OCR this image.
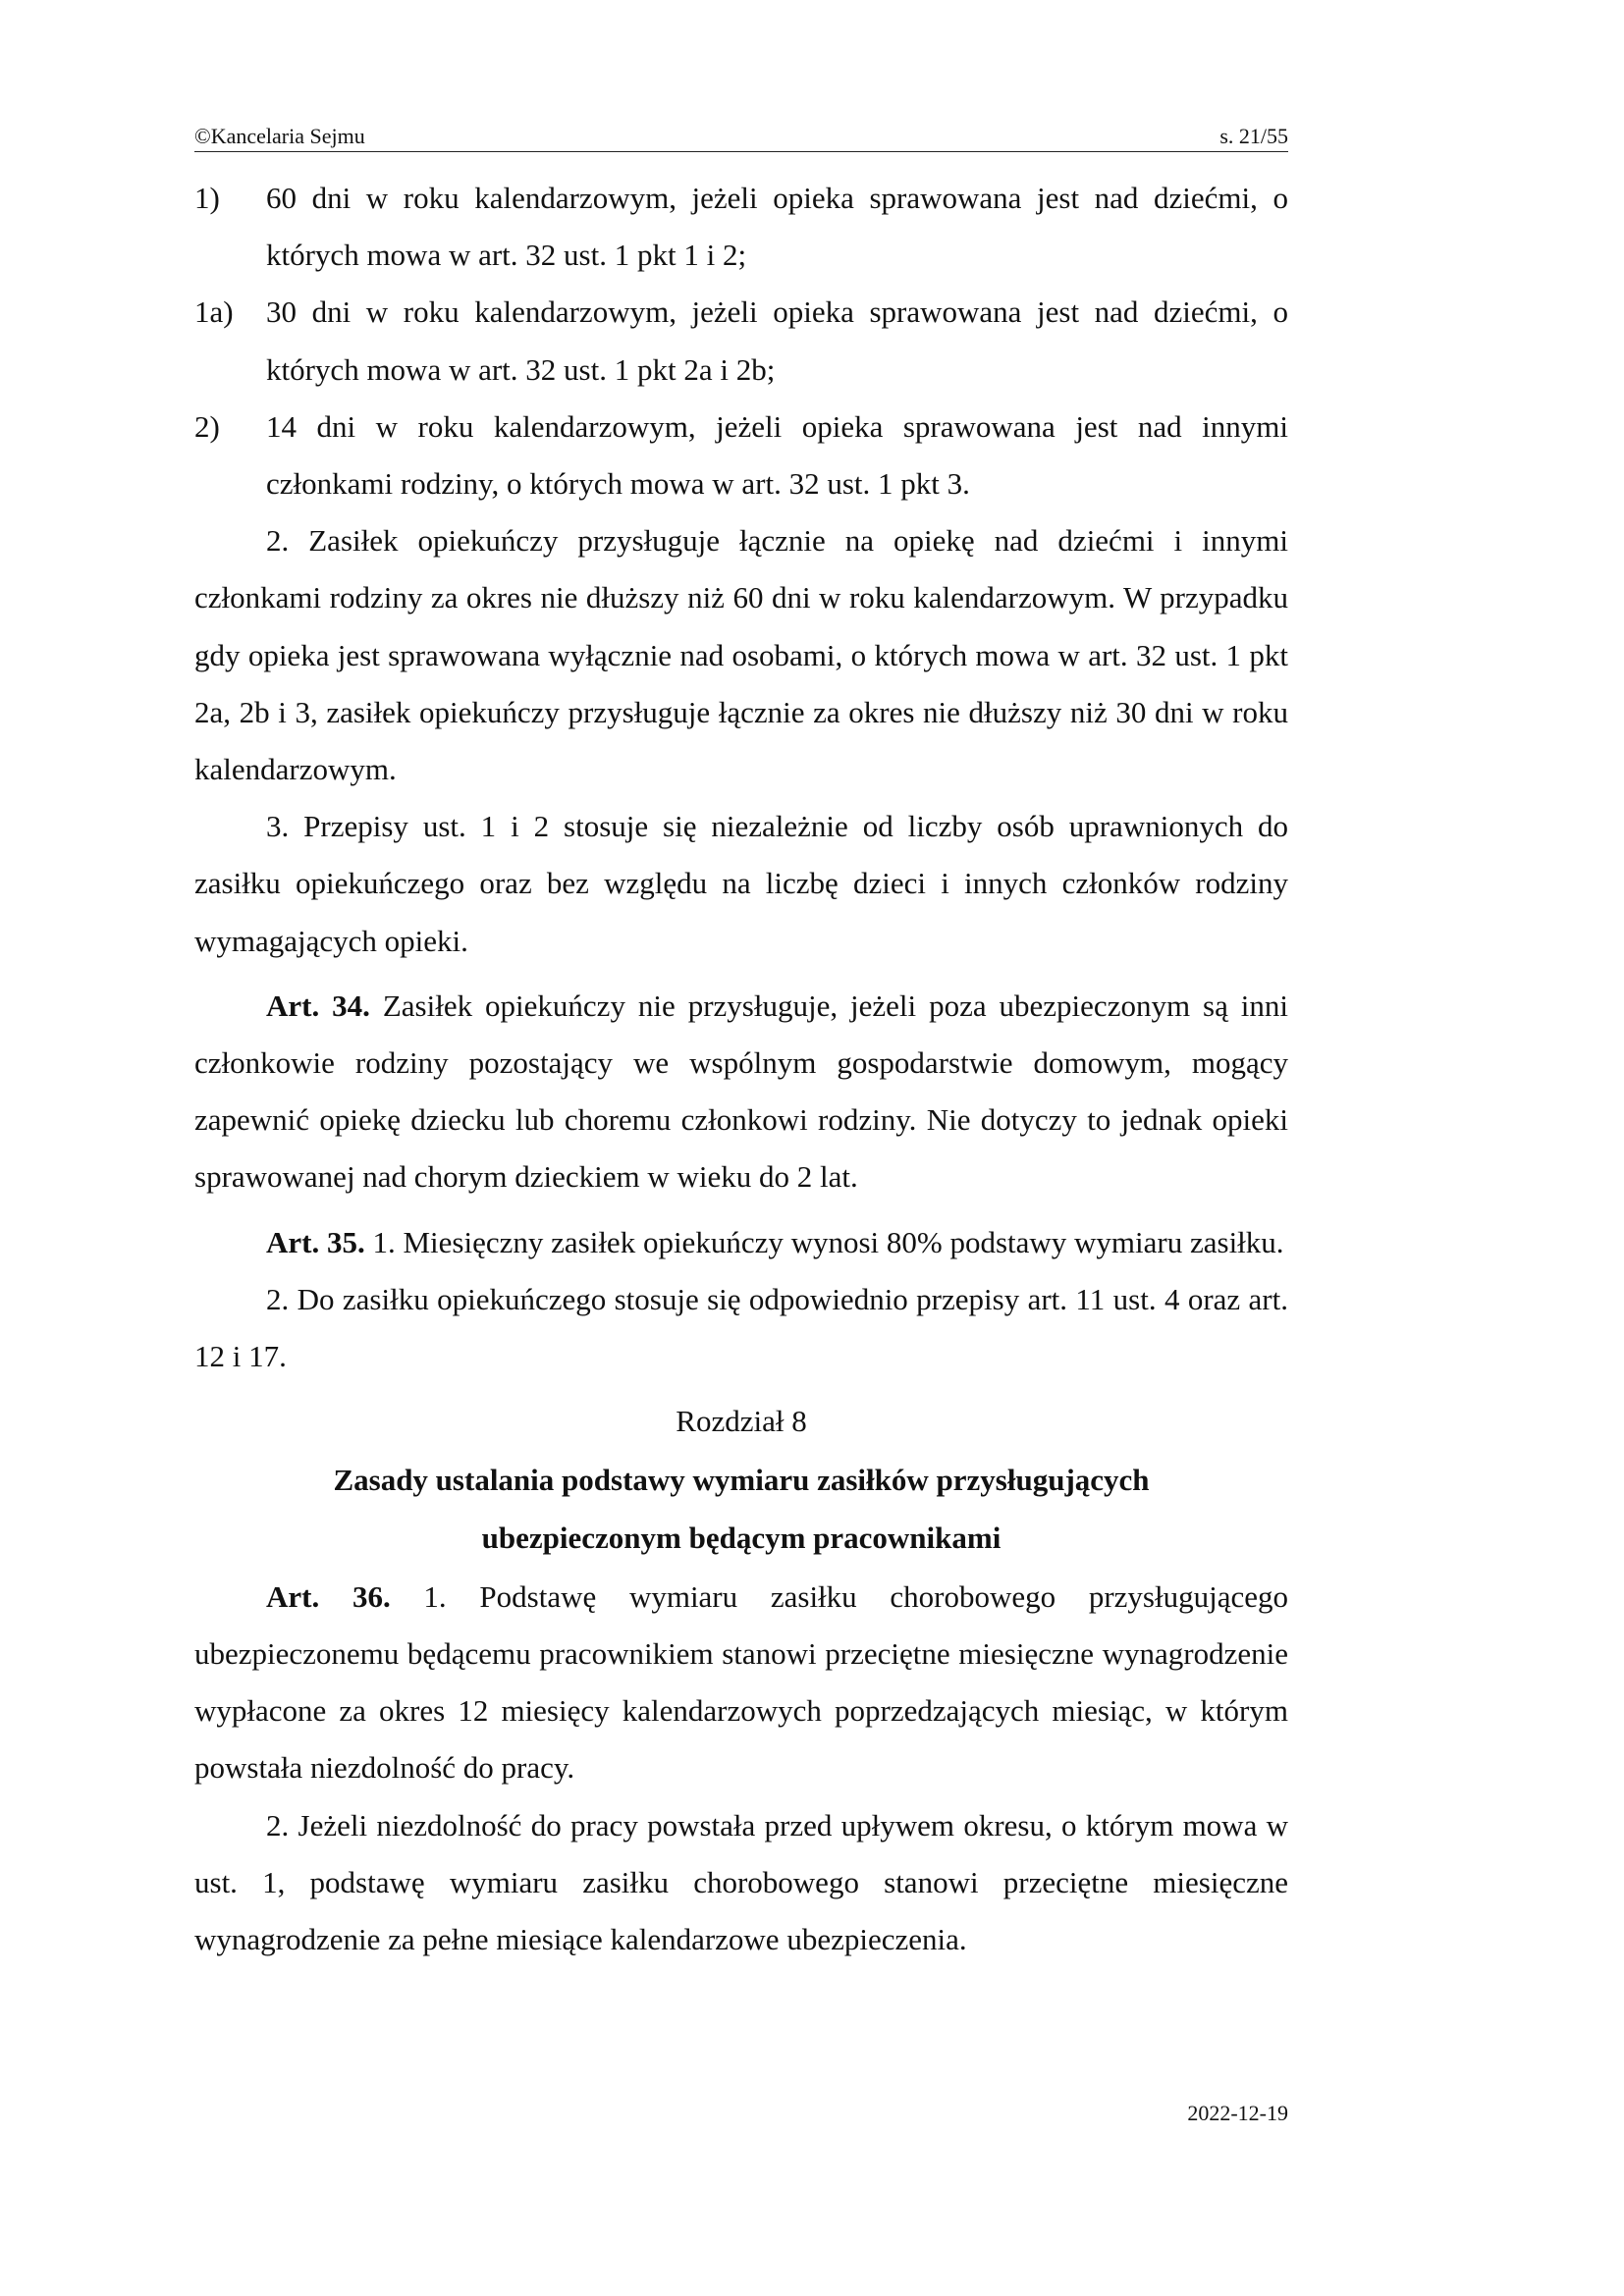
©Kancelaria Sejmu	s. 21/55
1)	60 dni w roku kalendarzowym, jeżeli opieka sprawowana jest nad dziećmi, o których mowa w art. 32 ust. 1 pkt 1 i 2;
1a)	30 dni w roku kalendarzowym, jeżeli opieka sprawowana jest nad dziećmi, o których mowa w art. 32 ust. 1 pkt 2a i 2b;
2)	14 dni w roku kalendarzowym, jeżeli opieka sprawowana jest nad innymi członkami rodziny, o których mowa w art. 32 ust. 1 pkt 3.

2. Zasiłek opiekuńczy przysługuje łącznie na opiekę nad dziećmi i innymi członkami rodziny za okres nie dłuższy niż 60 dni w roku kalendarzowym. W przypadku gdy opieka jest sprawowana wyłącznie nad osobami, o których mowa w art. 32 ust. 1 pkt 2a, 2b i 3, zasiłek opiekuńczy przysługuje łącznie za okres nie dłuższy niż 30 dni w roku kalendarzowym.

3. Przepisy ust. 1 i 2 stosuje się niezależnie od liczby osób uprawnionych do zasiłku opiekuńczego oraz bez względu na liczbę dzieci i innych członków rodziny wymagających opieki.

Art. 34. Zasiłek opiekuńczy nie przysługuje, jeżeli poza ubezpieczonym są inni członkowie rodziny pozostający we wspólnym gospodarstwie domowym, mogący zapewnić opiekę dziecku lub choremu członkowi rodziny. Nie dotyczy to jednak opieki sprawowanej nad chorym dzieckiem w wieku do 2 lat.

Art. 35. 1. Miesięczny zasiłek opiekuńczy wynosi 80% podstawy wymiaru zasiłku.

2. Do zasiłku opiekuńczego stosuje się odpowiednio przepisy art. 11 ust. 4 oraz art. 12 i 17.

Rozdział 8
Zasady ustalania podstawy wymiaru zasiłków przysługujących
ubezpieczonym będącym pracownikami

Art. 36. 1. Podstawę wymiaru zasiłku chorobowego przysługującego ubezpieczonemu będącemu pracownikiem stanowi przeciętne miesięczne wynagrodzenie wypłacone za okres 12 miesięcy kalendarzowych poprzedzających miesiąc, w którym powstała niezdolność do pracy.

2. Jeżeli niezdolność do pracy powstała przed upływem okresu, o którym mowa w ust. 1, podstawę wymiaru zasiłku chorobowego stanowi przeciętne miesięczne wynagrodzenie za pełne miesiące kalendarzowe ubezpieczenia.

2022-12-19
